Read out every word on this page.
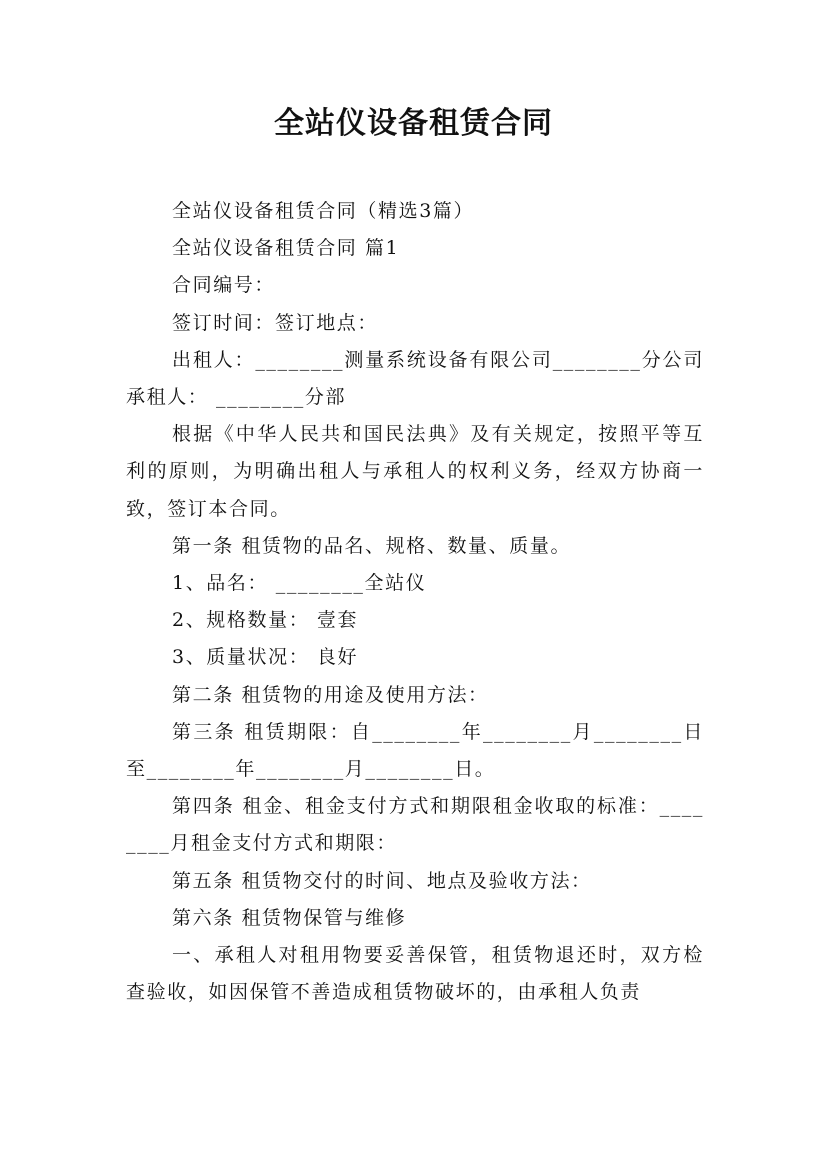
全站仪设备租赁合同

全站仪设备租赁合同（精选3篇）

全站仪设备租赁合同 篇1

合同编号：

签订时间：签订地点：

出租人：________测量系统设备有限公司________分公司承租人： ________分部

根据《中华人民共和国民法典》及有关规定，按照平等互利的原则，为明确出租人与承租人的权利义务，经双方协商一致，签订本合同。

第一条 租赁物的品名、规格、数量、质量。

1、品名： ________全站仪

2、规格数量： 壹套

3、质量状况： 良好

第二条 租赁物的用途及使用方法：

第三条 租赁期限：自________年________月________日至________年________月________日。

第四条 租金、租金支付方式和期限租金收取的标准：________月租金支付方式和期限：

第五条 租赁物交付的时间、地点及验收方法：

第六条 租赁物保管与维修

一、承租人对租用物要妥善保管，租赁物退还时，双方检查验收，如因保管不善造成租赁物破坏的，由承租人负责
